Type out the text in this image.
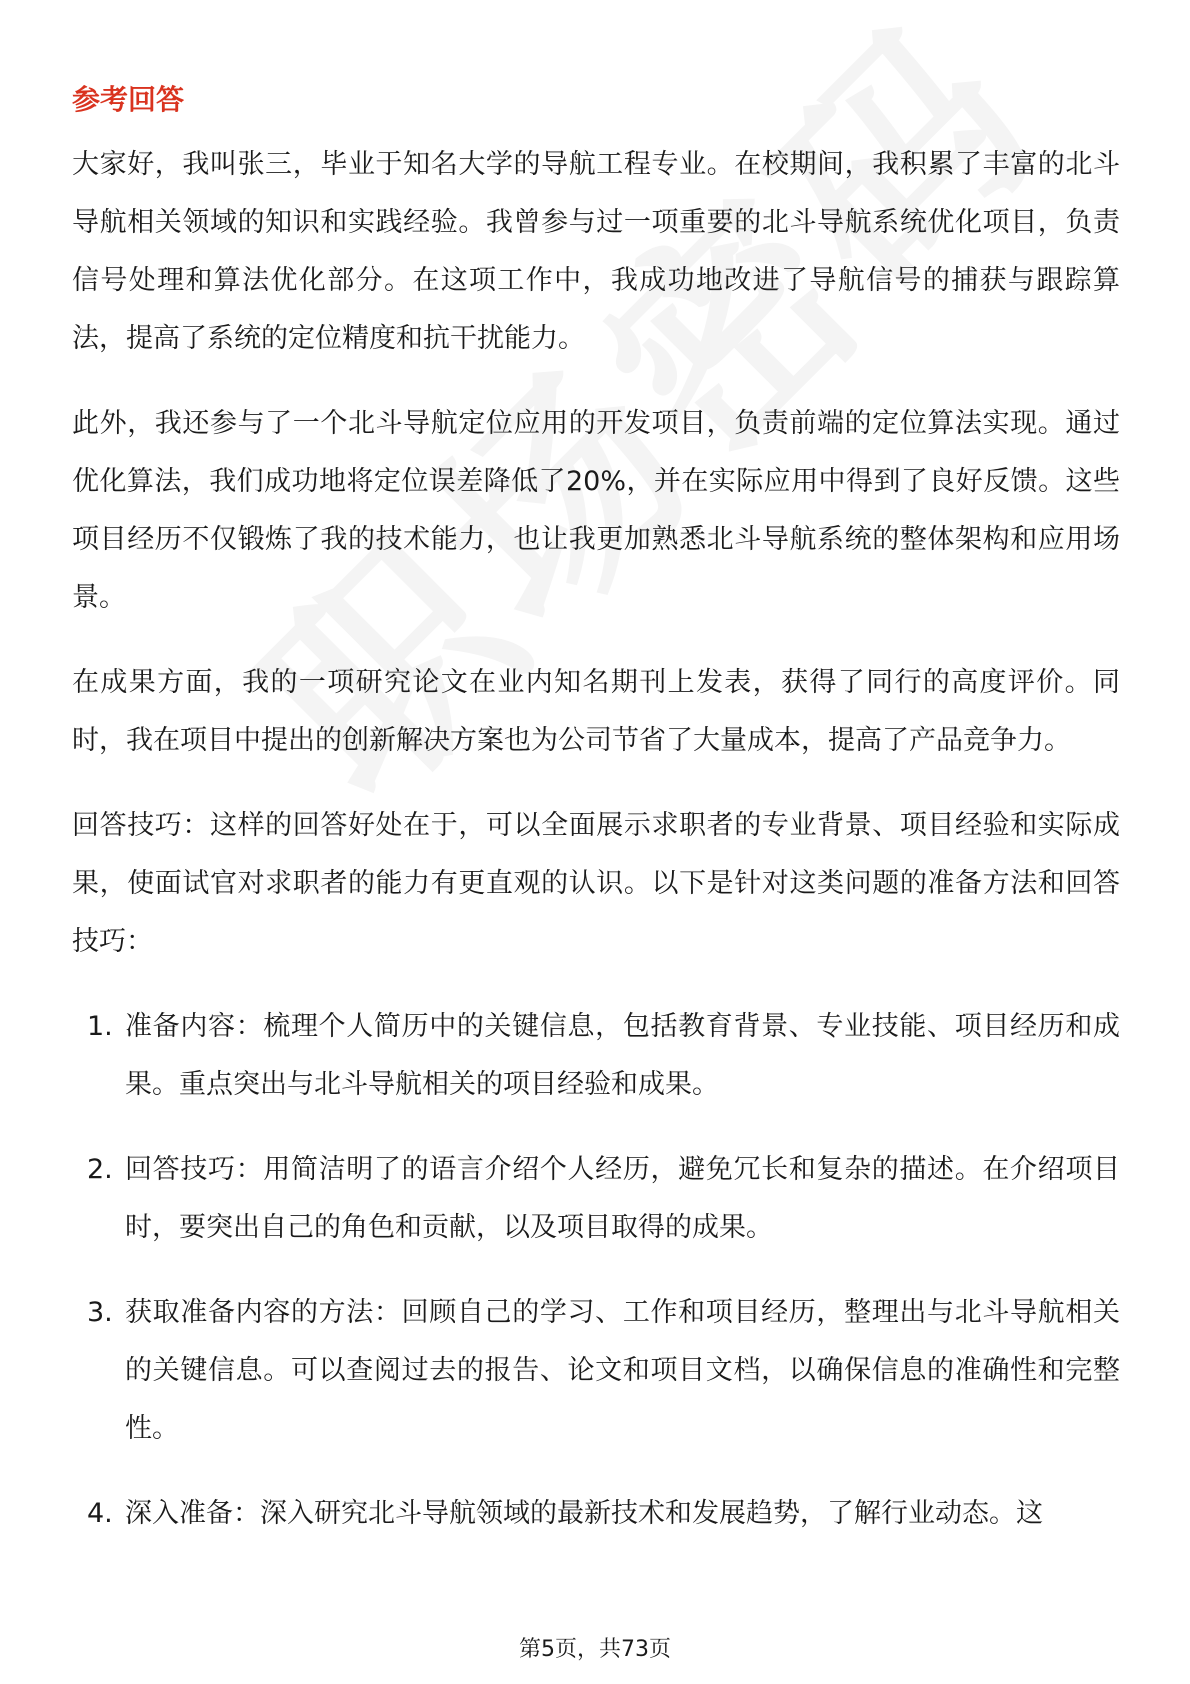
参考回答

大家好，我叫张三，毕业于知名大学的导航工程专业。在校期间，我积累了丰富的北斗导航相关领域的知识和实践经验。我曾参与过一项重要的北斗导航系统优化项目，负责信号处理和算法优化部分。在这项工作中，我成功地改进了导航信号的捕获与跟踪算法，提高了系统的定位精度和抗干扰能力。

此外，我还参与了一个北斗导航定位应用的开发项目，负责前端的定位算法实现。通过优化算法，我们成功地将定位误差降低了20%，并在实际应用中得到了良好反馈。这些项目经历不仅锻炼了我的技术能力，也让我更加熟悉北斗导航系统的整体架构和应用场景。

在成果方面，我的一项研究论文在业内知名期刊上发表，获得了同行的高度评价。同时，我在项目中提出的创新解决方案也为公司节省了大量成本，提高了产品竞争力。

回答技巧：这样的回答好处在于，可以全面展示求职者的专业背景、项目经验和实际成果，使面试官对求职者的能力有更直观的认识。以下是针对这类问题的准备方法和回答技巧：

1. 准备内容：梳理个人简历中的关键信息，包括教育背景、专业技能、项目经历和成果。重点突出与北斗导航相关的项目经验和成果。
2. 回答技巧：用简洁明了的语言介绍个人经历，避免冗长和复杂的描述。在介绍项目时，要突出自己的角色和贡献，以及项目取得的成果。
3. 获取准备内容的方法：回顾自己的学习、工作和项目经历，整理出与北斗导航相关的关键信息。可以查阅过去的报告、论文和项目文档，以确保信息的准确性和完整性。
4. 深入准备：深入研究北斗导航领域的最新技术和发展趋势，了解行业动态。这
第5页，共73页
